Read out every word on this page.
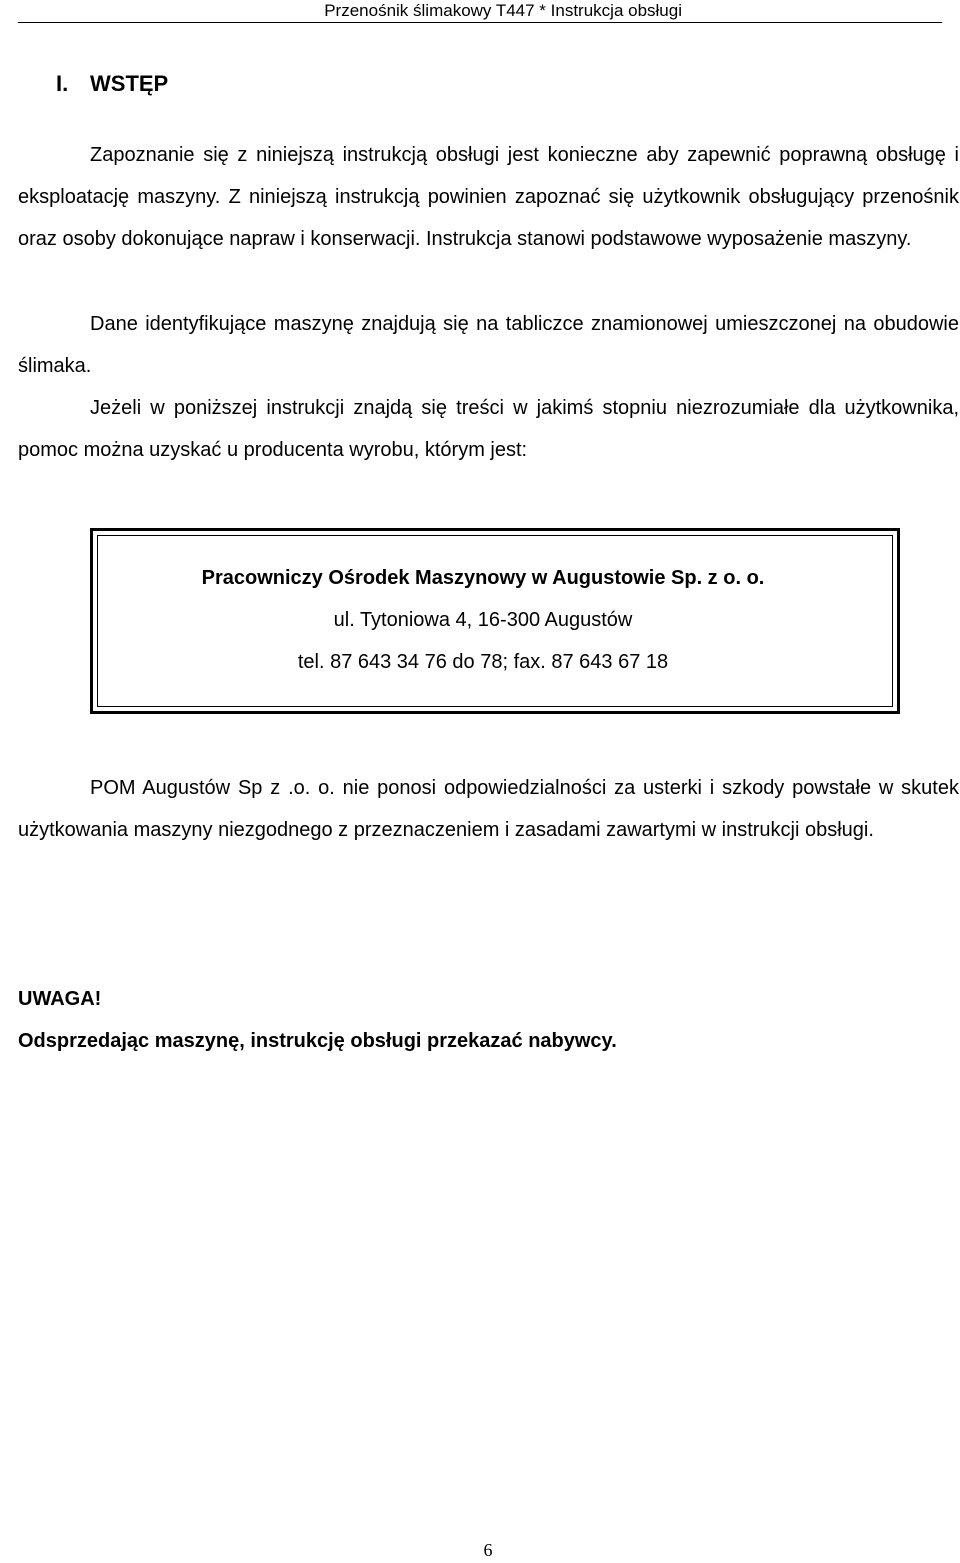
Przenośnik ślimakowy T447 * Instrukcja obsługi
I. WSTĘP

Zapoznanie się z niniejszą instrukcją obsługi jest konieczne aby zapewnić poprawną obsługę i eksploatację maszyny. Z niniejszą instrukcją powinien zapoznać się użytkownik obsługujący przenośnik oraz osoby dokonujące napraw i konserwacji. Instrukcja stanowi podstawowe wyposażenie maszyny.

Dane identyfikujące maszynę znajdują się na tabliczce znamionowej umieszczonej na obudowie ślimaka.

Jeżeli w poniższej instrukcji znajdą się treści w jakimś stopniu niezrozumiałe dla użytkownika, pomoc można uzyskać u producenta wyrobu, którym jest:

Pracowniczy Ośrodek Maszynowy w Augustowie Sp. z o. o.
ul. Tytoniowa 4, 16-300 Augustów
tel. 87 643 34 76 do 78; fax. 87 643 67 18

POM Augustów Sp z .o. o. nie ponosi odpowiedzialności za usterki i szkody powstałe w skutek użytkowania maszyny niezgodnego z przeznaczeniem i zasadami zawartymi w instrukcji obsługi.

UWAGA!
Odsprzedając maszynę, instrukcję obsługi przekazać nabywcy.
6
